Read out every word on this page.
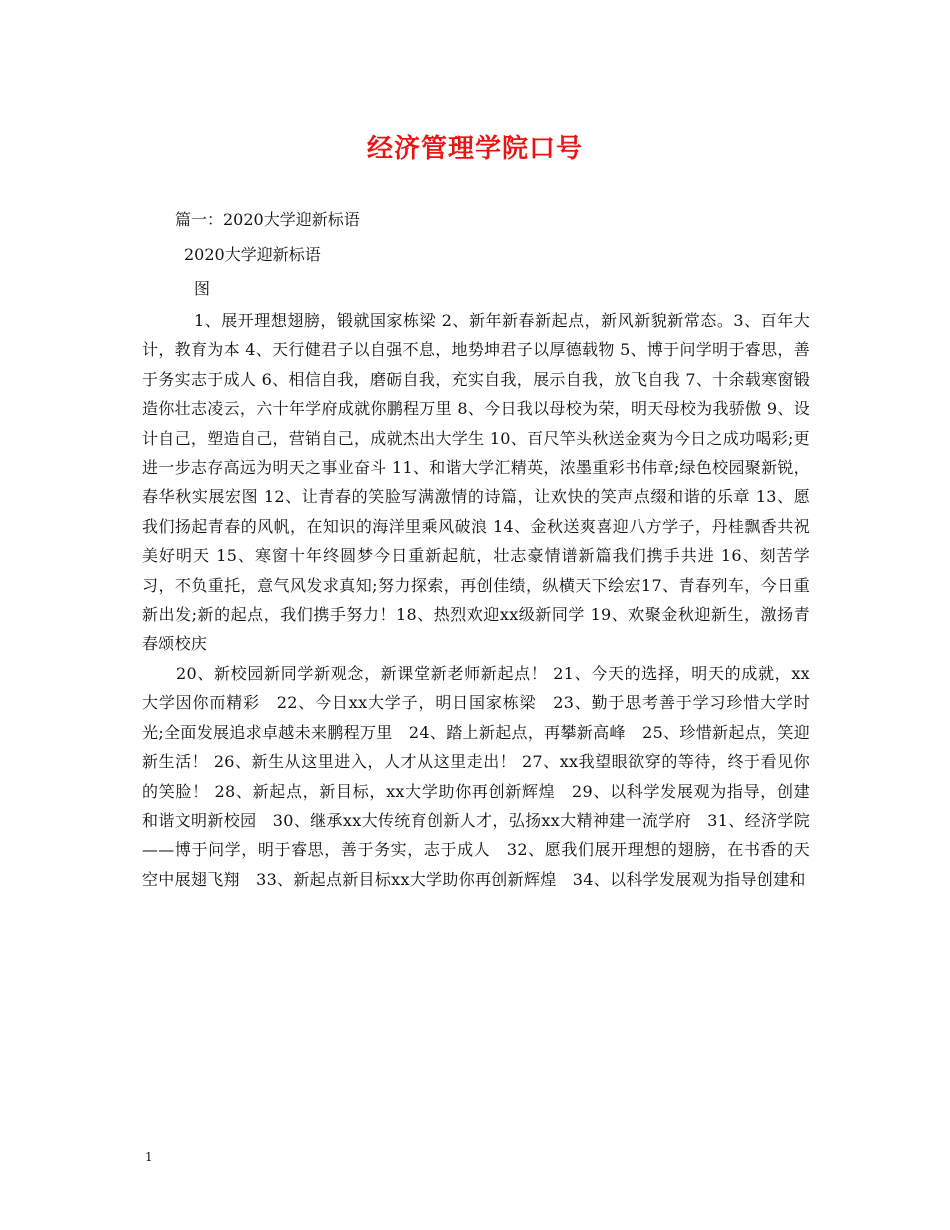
经济管理学院口号

篇一：2020大学迎新标语

2020大学迎新标语

图

1、展开理想翅膀，锻就国家栋梁 2、新年新春新起点，新风新貌新常态。3、百年大计，教育为本 4、天行健君子以自强不息，地势坤君子以厚德载物 5、博于问学明于睿思，善于务实志于成人 6、相信自我，磨砺自我，充实自我，展示自我，放飞自我 7、十余载寒窗锻造你壮志凌云，六十年学府成就你鹏程万里 8、今日我以母校为荣，明天母校为我骄傲 9、设计自己，塑造自己，营销自己，成就杰出大学生 10、百尺竿头秋送金爽为今日之成功喝彩;更进一步志存高远为明天之事业奋斗 11、和谐大学汇精英，浓墨重彩书伟章;绿色校园聚新锐，春华秋实展宏图 12、让青春的笑脸写满激情的诗篇，让欢快的笑声点缀和谐的乐章 13、愿我们扬起青春的风帆，在知识的海洋里乘风破浪 14、金秋送爽喜迎八方学子，丹桂飘香共祝美好明天 15、寒窗十年终圆梦今日重新起航，壮志豪情谱新篇我们携手共进 16、刻苦学习，不负重托，意气风发求真知;努力探索，再创佳绩，纵横天下绘宏17、青春列车，今日重新出发;新的起点，我们携手努力！18、热烈欢迎xx级新同学 19、欢聚金秋迎新生，激扬青春颂校庆

20、新校园新同学新观念，新课堂新老师新起点！ 21、今天的选择，明天的成就，xx大学因你而精彩　22、今日xx大学子，明日国家栋梁　23、勤于思考善于学习珍惜大学时光;全面发展追求卓越未来鹏程万里　24、踏上新起点，再攀新高峰　25、珍惜新起点，笑迎新生活！ 26、新生从这里进入，人才从这里走出！ 27、xx我望眼欲穿的等待，终于看见你的笑脸！ 28、新起点，新目标，xx大学助你再创新辉煌　29、以科学发展观为指导，创建和谐文明新校园　30、继承xx大传统育创新人才，弘扬xx大精神建一流学府　31、经济学院——博于问学，明于睿思，善于务实，志于成人　32、愿我们展开理想的翅膀，在书香的天空中展翅飞翔　33、新起点新目标xx大学助你再创新辉煌　34、以科学发展观为指导创建和

1
